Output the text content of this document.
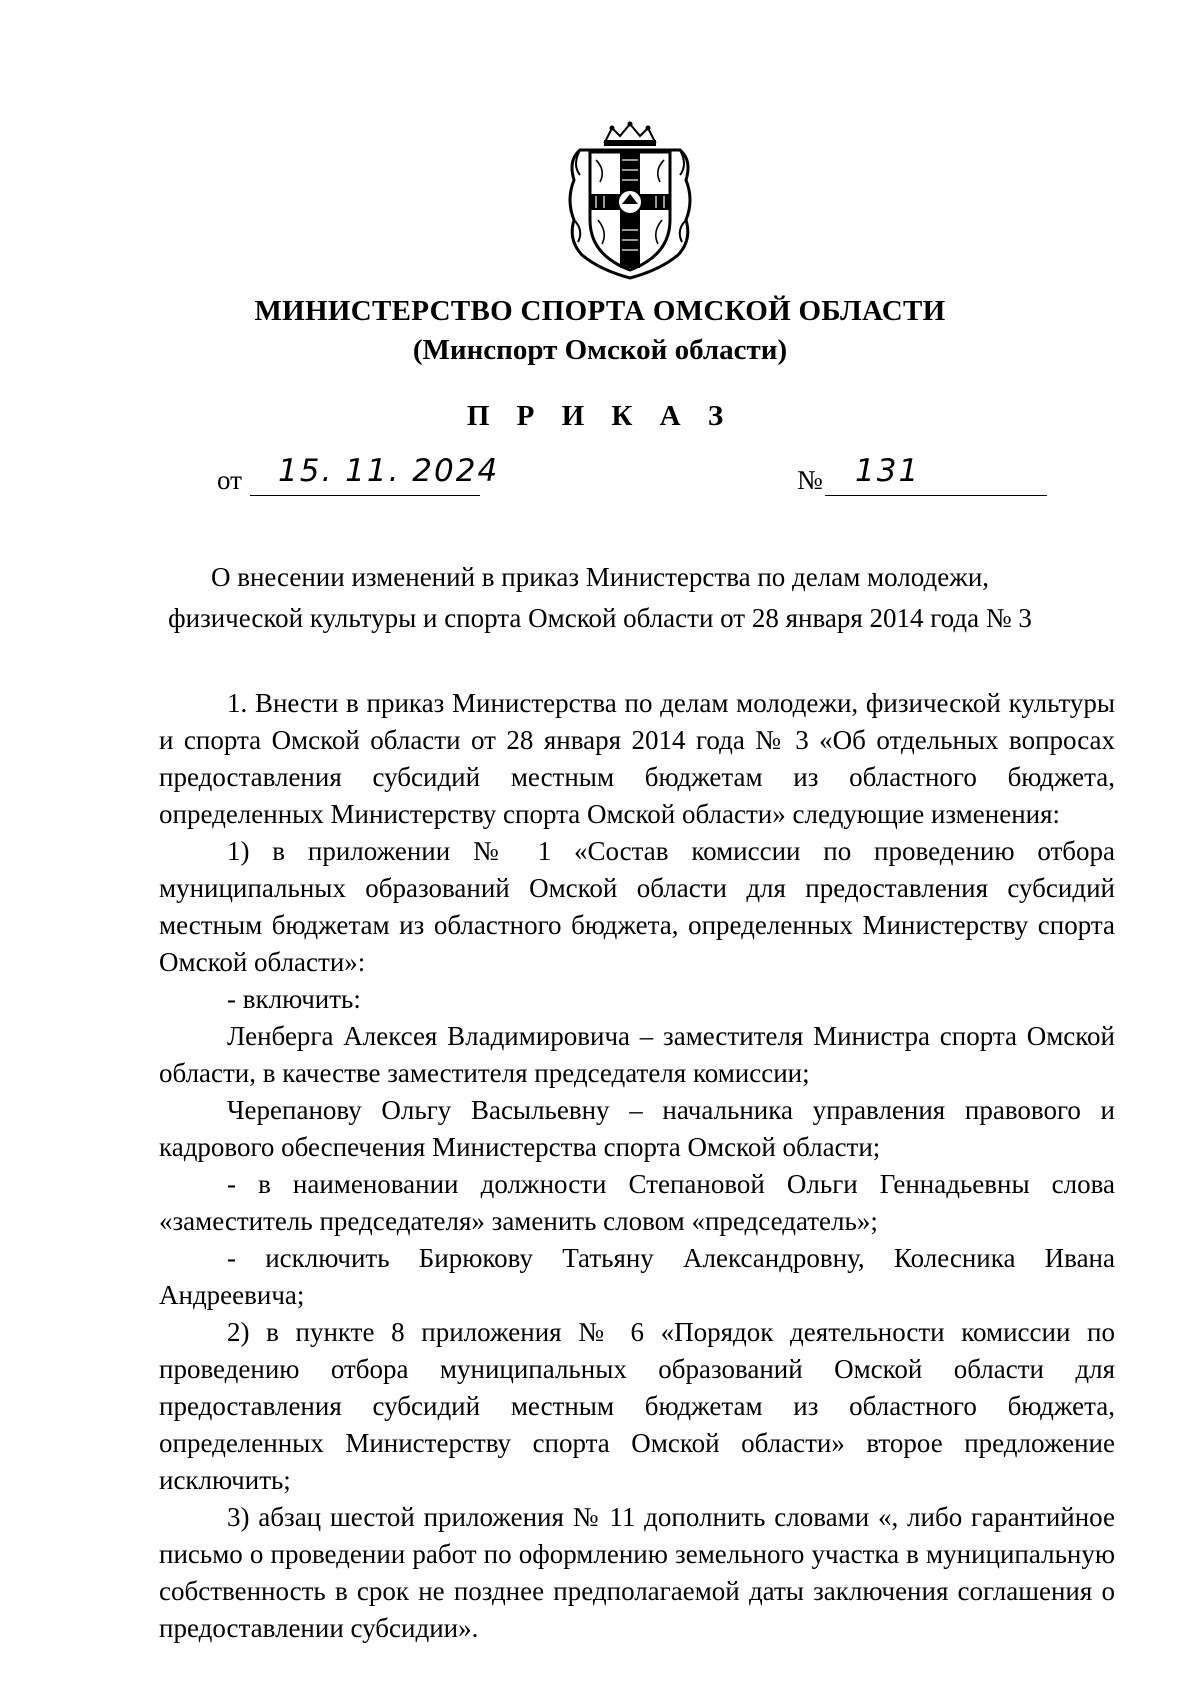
МИНИСТЕРСТВО СПОРТА ОМСКОЙ ОБЛАСТИ
(Минспорт Омской области)
П Р И К А З
от 15. 11. 2024	№ 131
О внесении изменений в приказ Министерства по делам молодежи,
физической культуры и спорта Омской области от 28 января 2014 года № 3

1. Внести в приказ Министерства по делам молодежи, физической культуры и спорта Омской области от 28 января 2014 года № 3 «Об отдельных вопросах предоставления субсидий местным бюджетам из областного бюджета, определенных Министерству спорта Омской области» следующие изменения:

1) в приложении № 1 «Состав комиссии по проведению отбора муниципальных образований Омской области для предоставления субсидий местным бюджетам из областного бюджета, определенных Министерству спорта Омской области»:

- включить:

Ленберга Алексея Владимировича – заместителя Министра спорта Омской области, в качестве заместителя председателя комиссии;

Черепанову Ольгу Васыльевну – начальника управления правового и кадрового обеспечения Министерства спорта Омской области;

- в наименовании должности Степановой Ольги Геннадьевны слова «заместитель председателя» заменить словом «председатель»;

- исключить Бирюкову Татьяну Александровну, Колесника Ивана Андреевича;

2) в пункте 8 приложения № 6 «Порядок деятельности комиссии по проведению отбора муниципальных образований Омской области для предоставления субсидий местным бюджетам из областного бюджета, определенных Министерству спорта Омской области» второе предложение исключить;

3) абзац шестой приложения № 11 дополнить словами «, либо гарантийное письмо о проведении работ по оформлению земельного участка в муниципальную собственность в срок не позднее предполагаемой даты заключения соглашения о предоставлении субсидии».
